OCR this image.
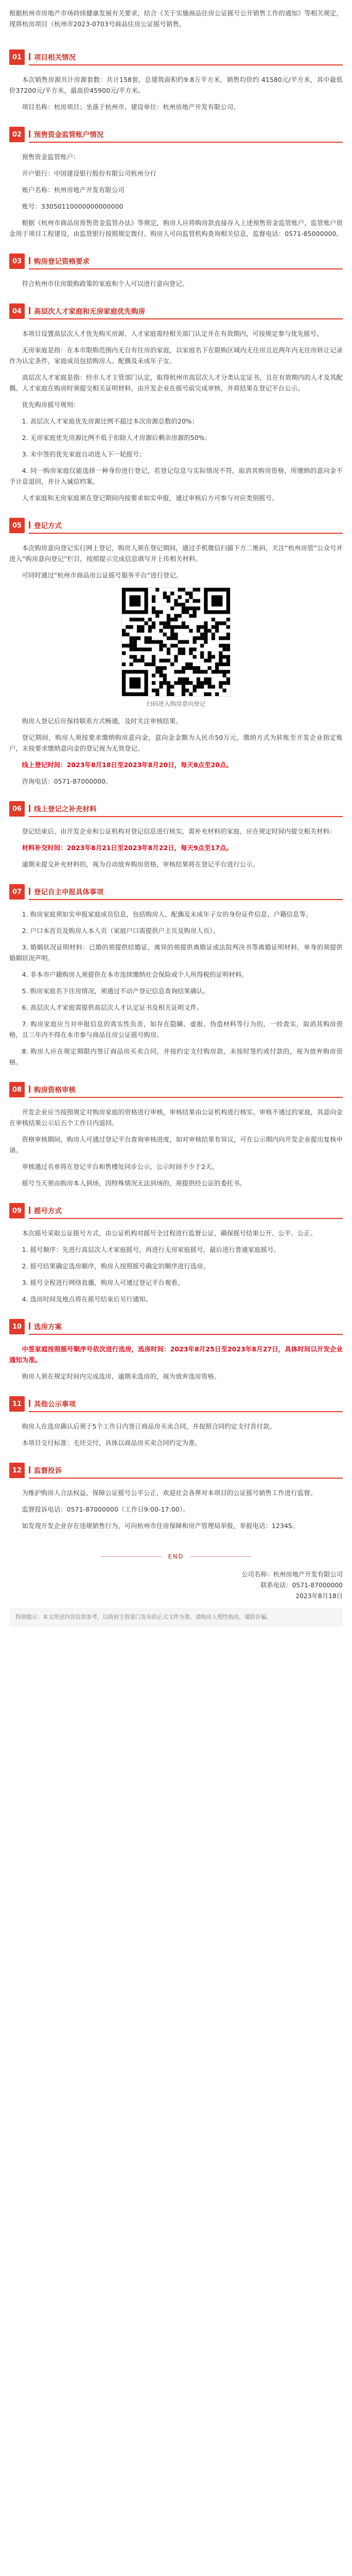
根据杭州市房地产市场持续健康发展有关要求，结合《关于实施商品住房公证摇号公开销售工作的通知》等相关规定，现将杭房项目（杭州市2023-0703号商品住房公证摇号销售。

01	项目相关情况

本次销售房源共计房源套数：共计158套，总建筑面积约9.8万平方米，销售均价约 41580元/平方米，其中最低价37200元/平方米，最高价45900元/平方米。

项目名称：杭房项目；坐落于杭州市，建设单位：杭州房地产开发有限公司。

02	预售资金监管账户情况

预售资金监管账户：

开户银行：中国建设银行股份有限公司杭州分行

账户名称：杭州房地产开发有限公司

账号：33050110000000000000

根据《杭州市商品房预售资金监管办法》等规定，购房人应将购房款直接存入上述预售资金监管账户，监管账户资金用于项目工程建设，由监管银行按照规定拨付。购房人可向监管机构查询相关信息，监督电话：0571-85000000。

03	购房登记资格要求

符合杭州市住房限购政策的家庭和个人可以进行意向登记。

04	高层次人才家庭和无房家庭优先购房

本项目设置高层次人才优先购买房源，人才家庭需经相关部门认定并在有效期内，可按规定参与优先摇号。

无房家庭是指：在本市限购范围内无自有住房的家庭，以家庭名下在限购区域内无住房且近两年内无住房转让记录作为认定条件，家庭成员包括购房人、配偶及未成年子女。

高层次人才家庭是指：经市人才主管部门认定，取得杭州市高层次人才分类认定证书，且在有效期内的人才及其配偶。人才家庭在购房时须提交相关证明材料，由开发企业在摇号前完成审核，并将结果在登记平台公示。

优先购房摇号规则：

1. 高层次人才家庭优先房源比例不超过本次房源总数的20%；

2. 无房家庭优先房源比例不低于扣除人才房源后剩余房源的50%；

3. 未中签的优先家庭自动进入下一轮摇号；

4. 同一购房家庭仅能选择一种身份进行登记，若登记信息与实际情况不符，取消其购房资格，所缴纳的意向金不予计息退回，并计入诚信档案。

人才家庭和无房家庭须在登记期间内按要求如实申报，通过审核后方可参与对应类别摇号。

05	登记方式

本次购房意向登记实行网上登记，购房人须在登记期间，通过手机微信扫描下方二维码，关注“杭州房管”公众号并进入“购房意向登记”栏目，按照提示完成信息填写并上传相关材料。

可同时通过“杭州市商品房公证摇号服务平台”进行登记。

扫码进入购房意向登记

购房人登记后应保持联系方式畅通，及时关注审核结果。

登记期间，购房人须按要求缴纳购房意向金，意向金金额为人民币50万元，缴纳方式为转账至开发企业指定账户，未按要求缴纳意向金的登记视为无效登记。

线上登记时间：2023年8月18日至2023年8月20日，每天8点至20点。

咨询电话：0571-87000000。

06	线上登记之补充材料

登记结束后，由开发企业和公证机构对登记信息进行核实，需补充材料的家庭，应在规定时间内提交相关材料：

材料补交时间：2023年8月21日至2023年8月22日，每天9点至17点。

逾期未提交补充材料的，视为自动放弃购房资格，审核结果将在登记平台进行公示。

07	登记自主申报具体事项

1. 购房家庭须如实申报家庭成员信息，包括购房人、配偶及未成年子女的身份证件信息、户籍信息等。

2. 户口本首页及购房人本人页（家庭户口需提供户主页及购房人页）。

3. 婚姻状况证明材料：已婚的须提供结婚证，离异的须提供离婚证或法院判决书等离婚证明材料，单身的须提供婚姻状况声明。

4. 非本市户籍购房人须提供在本市连续缴纳社会保险或个人所得税的证明材料。

5. 购房家庭名下住房情况，须通过不动产登记信息查询结果确认。

6. 高层次人才家庭需提供高层次人才认定证书及相关证明文件。

7. 购房家庭应当对申报信息的真实性负责，如存在隐瞒、虚报、伪造材料等行为的，一经查实，取消其购房资格，且三年内不得在本市参与商品住房公证摇号购房。

8. 购房人应在规定期限内签订商品房买卖合同，并按约定支付购房款，未按时签约或付款的，视为放弃购房资格。

08	购房资格审核

开发企业应当按照规定对购房家庭的资格进行审核，审核结果由公证机构进行核实。审核不通过的家庭，其意向金在审核结果公示后五个工作日内退回。

资格审核期间，购房人可通过登记平台查询审核进度，如对审核结果有异议，可在公示期内向开发企业提出复核申请。

审核通过名单将在登记平台和售楼处同步公示，公示时间不少于2天。

摇号当天须由购房本人到场，因特殊情况无法到场的，须提供经公证的委托书。

09	摇号方式

本次摇号采取公证摇号方式，由公证机构对摇号全过程进行监督公证，确保摇号结果公开、公平、公正。

1. 摇号顺序：先进行高层次人才家庭摇号，再进行无房家庭摇号，最后进行普通家庭摇号。

2. 摇号结果确定选房顺序，购房人按照摇号确定的顺序进行选房。

3. 摇号全程进行网络直播，购房人可通过登记平台观看。

4. 选房时间及地点将在摇号结束后另行通知。

10	选房方案

中签家庭按照摇号顺序号依次进行选房，选房时间：2023年8月25日至2023年8月27日，具体时间以开发企业通知为准。

购房人须在规定时间内完成选房，逾期未选房的，视为放弃选房资格。

11	其他公示事项

购房人在选房确认后须于5个工作日内签订商品房买卖合同，并按照合同约定支付首付款。

本项目交付标准：毛坯交付，具体以商品房买卖合同约定为准。

12	监督投诉

为维护购房人合法权益，保障公证摇号公平公正，欢迎社会各界对本项目的公证摇号销售工作进行监督。

监督投诉电话：0571-87000000（工作日9:00-17:00）。

如发现开发企业存在违规销售行为，可向杭州市住房保障和房产管理局举报，举报电话：12345。

END

公司名称：杭州房地产开发有限公司

联系电话：0571-87000000

2023年8月18日

特别提示：本文所述内容仅供参考，以政府主管部门发布的正式文件为准。请购房人理性购房，谨防诈骗。
